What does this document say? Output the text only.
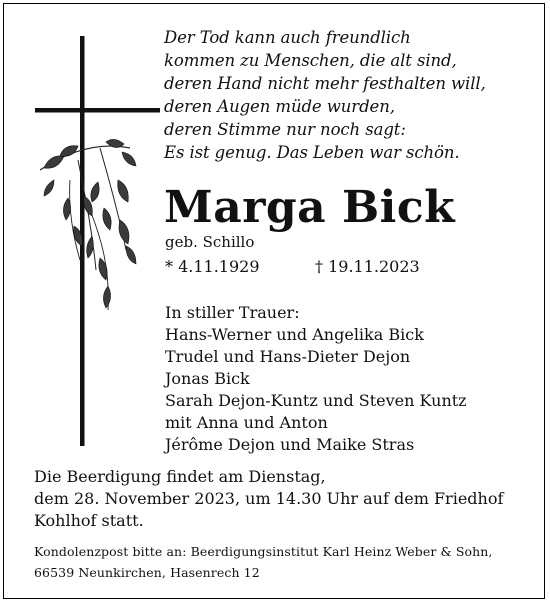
Der Tod kann auch freundlich
kommen zu Menschen, die alt sind,
deren Hand nicht mehr festhalten will,
deren Augen müde wurden,
deren Stimme nur noch sagt:
Es ist genug. Das Leben war schön.
Marga Bick
geb. Schillo
* 4.11.1929	† 19.11.2023
In stiller Trauer:
Hans-Werner und Angelika Bick
Trudel und Hans-Dieter Dejon
Jonas Bick
Sarah Dejon-Kuntz und Steven Kuntz
mit Anna und Anton
Jérôme Dejon und Maike Stras
Die Beerdigung findet am Dienstag,
dem 28. November 2023, um 14.30 Uhr auf dem Friedhof
Kohlhof statt.
Kondolenzpost bitte an: Beerdigungsinstitut Karl Heinz Weber & Sohn,
66539 Neunkirchen, Hasenrech 12
